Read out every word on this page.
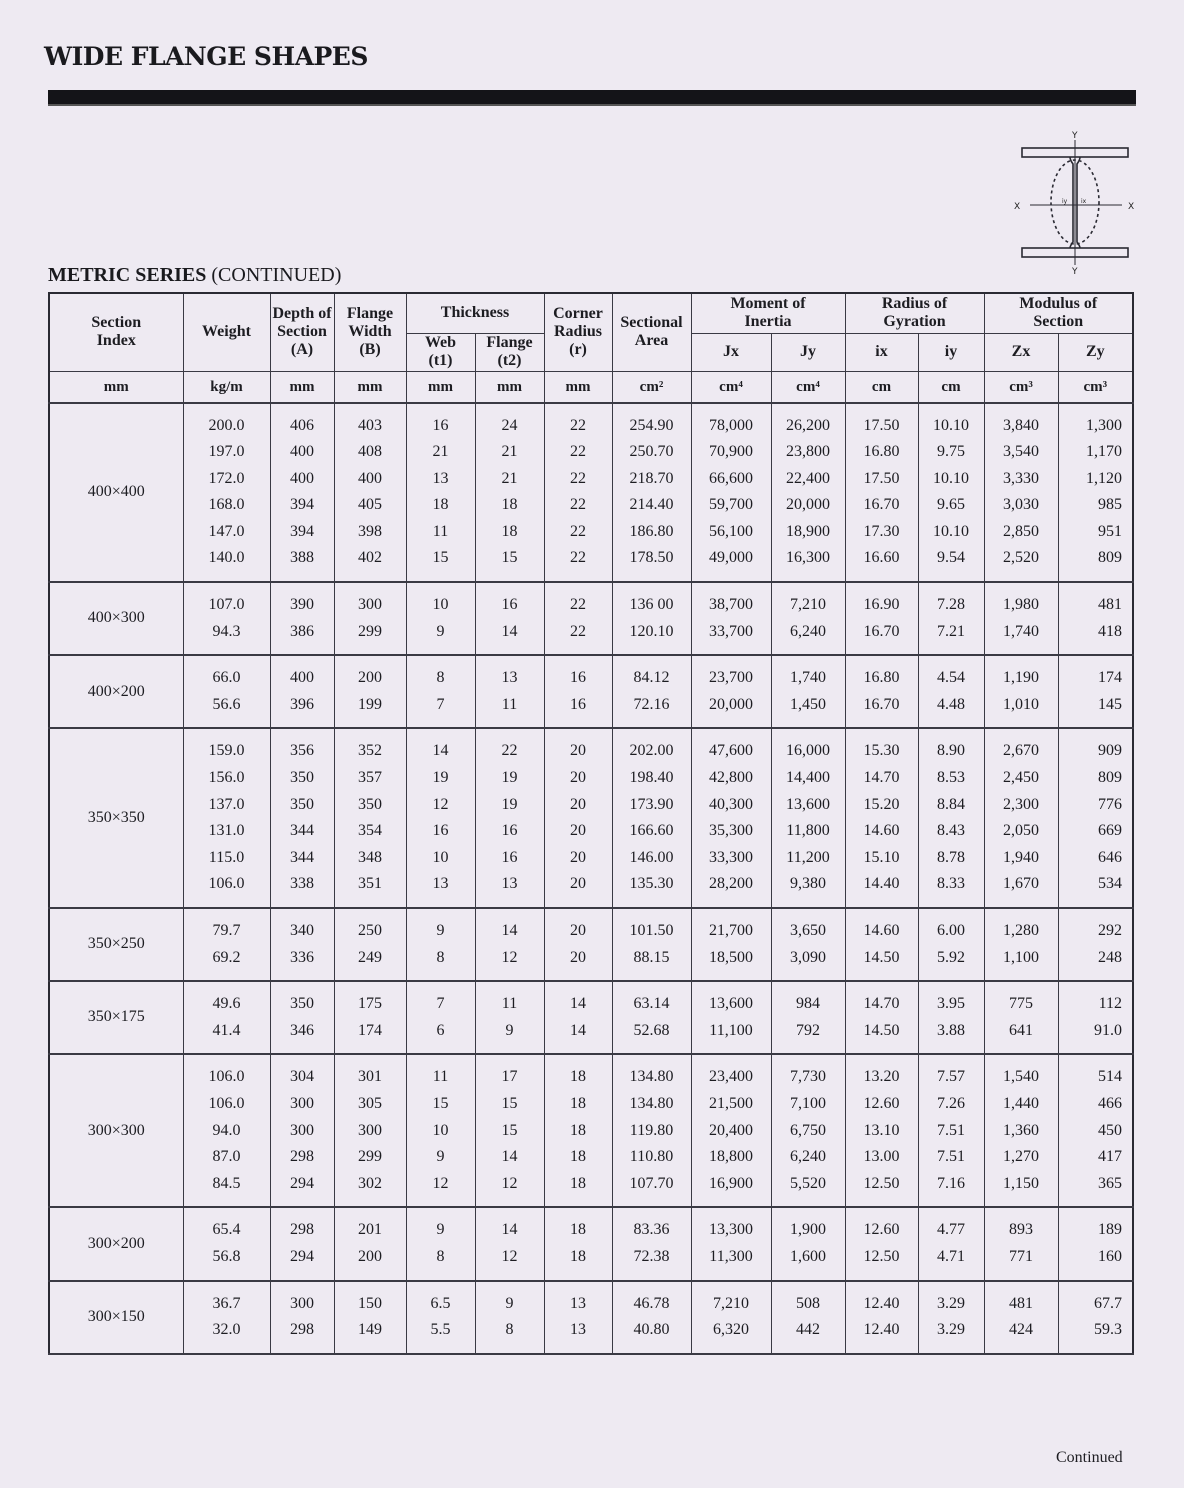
WIDE FLANGE SHAPES
X	X
Y
Y
iy ix
METRIC SERIES (CONTINUED)
Section Index	Weight	Depth of Section (A)	Flange Width (B)	Thickness		Corner Radius (r)	Sectional Area	Moment of Inertia		Radius of Gyration		Modulus of Section	
				Web (t1)	Flange (t2)			Jx	Jy	ix	iy	Zx	Zy
mm	kg/m	mm	mm	mm	mm	mm	cm²	cm⁴	cm⁴	cm	cm	cm³	cm³

400×400	200.0	406	403	16	24	22	254.90	78,000	26,200	17.50	10.10	3,840	1,300
	197.0	400	408	21	21	22	250.70	70,900	23,800	16.80	9.75	3,540	1,170
	172.0	400	400	13	21	22	218.70	66,600	22,400	17.50	10.10	3,330	1,120
	168.0	394	405	18	18	22	214.40	59,700	20,000	16.70	9.65	3,030	985
	147.0	394	398	11	18	22	186.80	56,100	18,900	17.30	10.10	2,850	951
	140.0	388	402	15	15	22	178.50	49,000	16,300	16.60	9.54	2,520	809

400×300	107.0	390	300	10	16	22	136 00	38,700	7,210	16.90	7.28	1,980	481
	94.3	386	299	9	14	22	120.10	33,700	6,240	16.70	7.21	1,740	418

400×200	66.0	400	200	8	13	16	84.12	23,700	1,740	16.80	4.54	1,190	174
	56.6	396	199	7	11	16	72.16	20,000	1,450	16.70	4.48	1,010	145

350×350	159.0	356	352	14	22	20	202.00	47,600	16,000	15.30	8.90	2,670	909
	156.0	350	357	19	19	20	198.40	42,800	14,400	14.70	8.53	2,450	809
	137.0	350	350	12	19	20	173.90	40,300	13,600	15.20	8.84	2,300	776
	131.0	344	354	16	16	20	166.60	35,300	11,800	14.60	8.43	2,050	669
	115.0	344	348	10	16	20	146.00	33,300	11,200	15.10	8.78	1,940	646
	106.0	338	351	13	13	20	135.30	28,200	9,380	14.40	8.33	1,670	534

350×250	79.7	340	250	9	14	20	101.50	21,700	3,650	14.60	6.00	1,280	292
	69.2	336	249	8	12	20	88.15	18,500	3,090	14.50	5.92	1,100	248

350×175	49.6	350	175	7	11	14	63.14	13,600	984	14.70	3.95	775	112
	41.4	346	174	6	9	14	52.68	11,100	792	14.50	3.88	641	91.0

300×300	106.0	304	301	11	17	18	134.80	23,400	7,730	13.20	7.57	1,540	514
	106.0	300	305	15	15	18	134.80	21,500	7,100	12.60	7.26	1,440	466
	94.0	300	300	10	15	18	119.80	20,400	6,750	13.10	7.51	1,360	450
	87.0	298	299	9	14	18	110.80	18,800	6,240	13.00	7.51	1,270	417
	84.5	294	302	12	12	18	107.70	16,900	5,520	12.50	7.16	1,150	365

300×200	65.4	298	201	9	14	18	83.36	13,300	1,900	12.60	4.77	893	189
	56.8	294	200	8	12	18	72.38	11,300	1,600	12.50	4.71	771	160

300×150	36.7	300	150	6.5	9	13	46.78	7,210	508	12.40	3.29	481	67.7
	32.0	298	149	5.5	8	13	40.80	6,320	442	12.40	3.29	424	59.3

Continued
